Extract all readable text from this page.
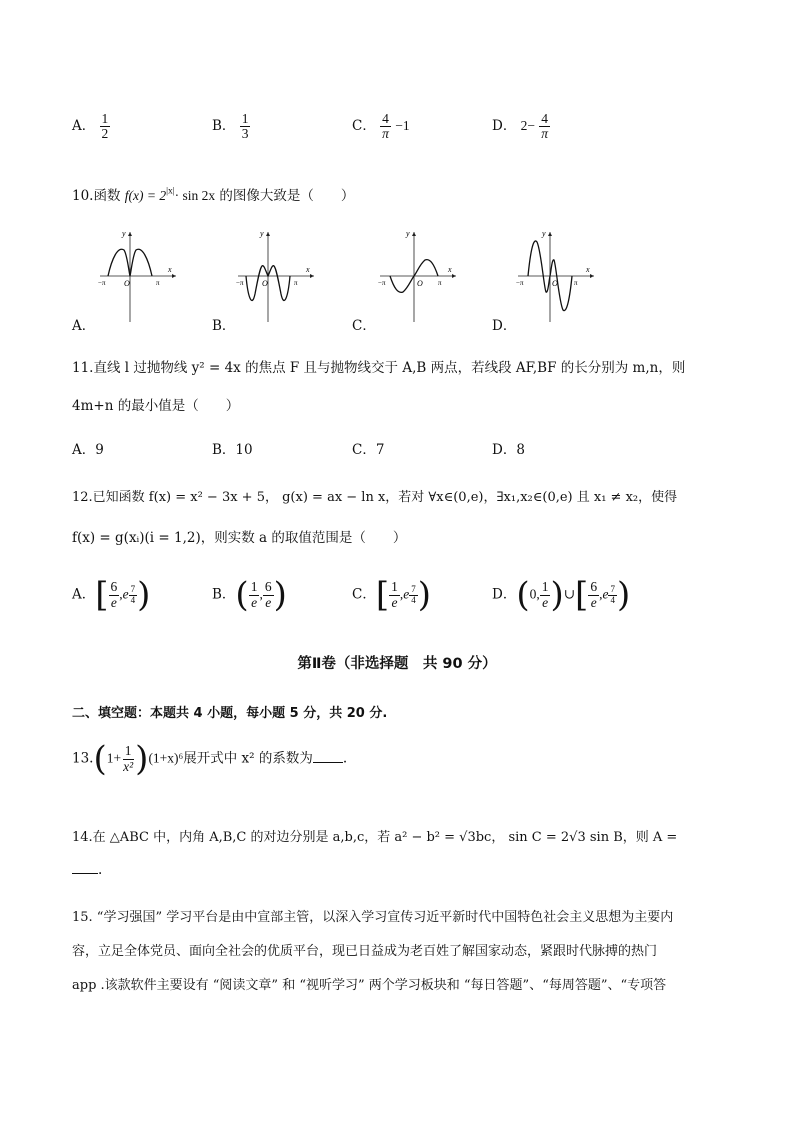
A． $\frac{1}{2}$	B． $\frac{1}{3}$	C． $\frac{4}{\pi} -1$	D． $2- \frac{4}{\pi}$
10.函数 $f(x) = 2^{|x|}\cdot \sin 2x$ 的图像大致是（　　）
y
x
O
−π	π
y
x
O
−π	π
y
x
O
−π	π
y
x
O
−π	π
A．	B．	C．	D．
11.直线 l 过抛物线 y² = 4x 的焦点 F 且与抛物线交于 A,B 两点，若线段 AF,BF 的长分别为 m,n，则
4m+n 的最小值是（　　）
A．9	B．10	C．7	D．8
12.已知函数 f(x) = x² − 3x + 5， g(x) = ax − ln x，若对 ∀x∈(0,e)，∃x₁,x₂∈(0,e) 且 x₁ ≠ x₂，使得
f(x) = g(xᵢ)(i = 1,2)，则实数 a 的取值范围是（　　）
A．[ $\frac{6}{e} ,e \frac{7}{4}$ )	B．( $\frac{1}{e}$ , $\frac{6}{e}$ )	C．[ $\frac{1}{e} ,e \frac{7}{4}$ )	D．(0, $\frac{1}{e}$ )∪[ $\frac{6}{e} ,e \frac{7}{4}$ )
第Ⅱ卷（非选择题　共 90 分）
二、填空题：本题共 4 小题，每小题 5 分，共 20 分.
$13.(1+ \frac{1}{\text{x²}} )(1+x)^6$展开式中 x² 的系数为 .
14.在 △ABC 中，内角 A,B,C 的对边分别是 a,b,c，若 a² − b² = √3bc， sin C = 2√3 sin B，则 A =
.
15. “学习强国” 学习平台是由中宣部主管，以深入学习宣传习近平新时代中国特色社会主义思想为主要内
容，立足全体党员、面向全社会的优质平台，现已日益成为老百姓了解国家动态，紧跟时代脉搏的热门
app .该款软件主要设有 “阅读文章” 和 “视听学习” 两个学习板块和 “每日答题”、“每周答题”、“专项答
